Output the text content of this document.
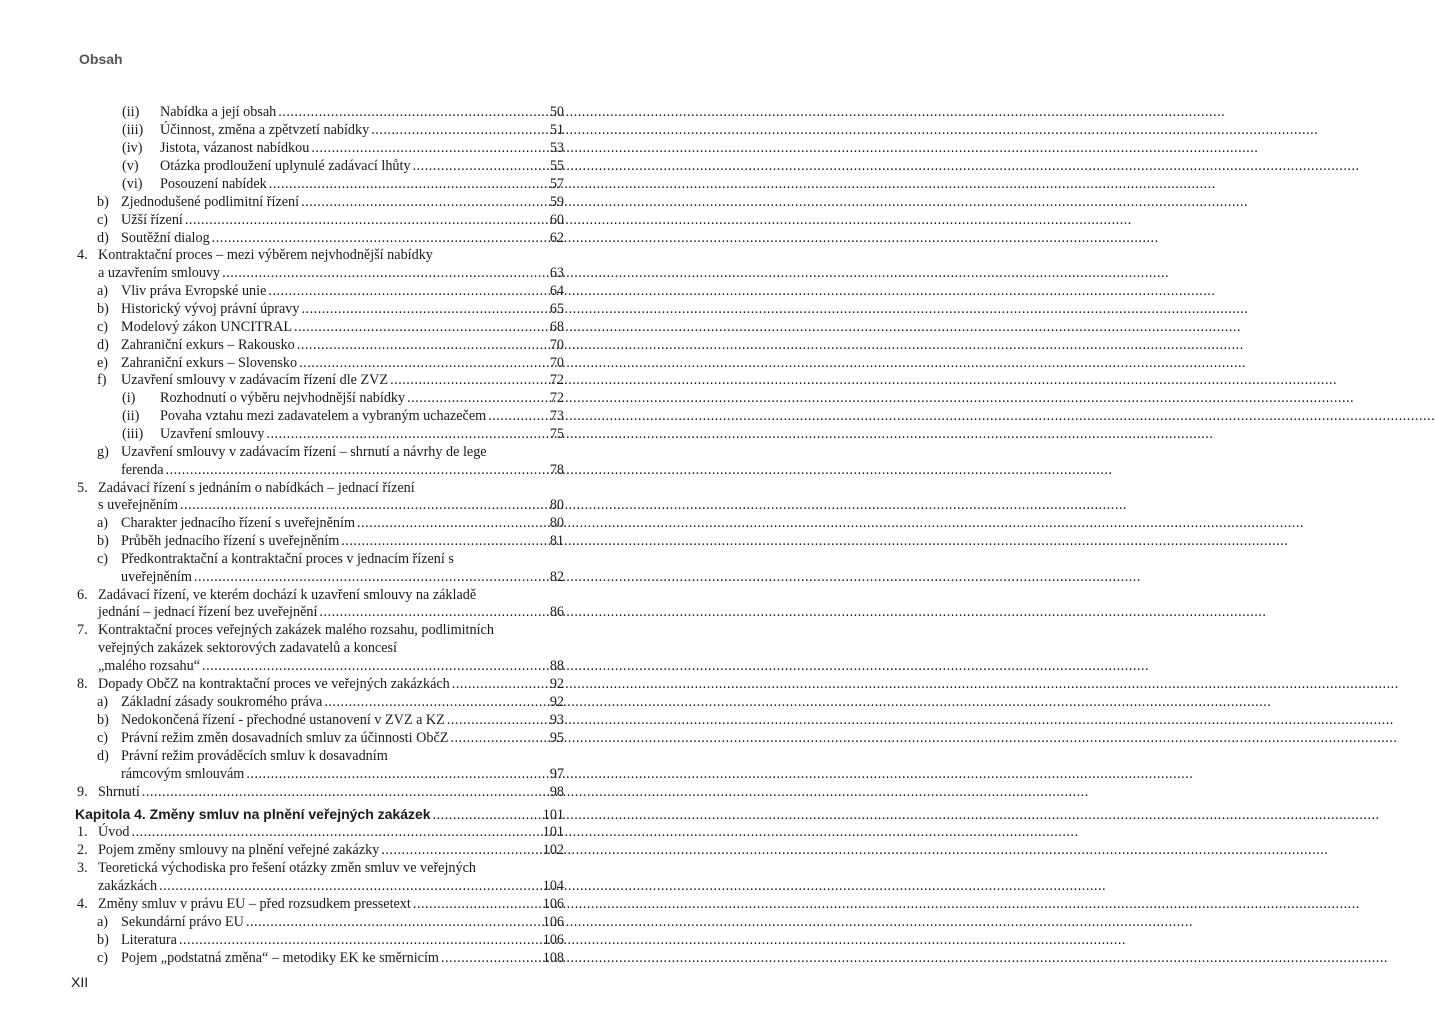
Obsah
(ii) Nabídka a její obsah .....	50
(iii) Účinnost, změna a zpětvzetí nabídky .....	51
(iv) Jistota, vázanost nabídkou .....	53
(v) Otázka prodloužení uplynulé zadávací lhůty .....	55
(vi) Posouzení nabídek .....	57
b) Zjednodušené podlimitní řízení .....	59
c) Užší řízení .....	60
d) Soutěžní dialog .....	62
4. Kontraktační proces – mezi výběrem nejvhodnější nabídky
a uzavřením smlouvy .....	63
a) Vliv práva Evropské unie .....	64
b) Historický vývoj právní úpravy .....	65
c) Modelový zákon UNCITRAL .....	68
d) Zahraniční exkurs – Rakousko .....	70
e) Zahraniční exkurs – Slovensko .....	70
f) Uzavření smlouvy v zadávacím řízení dle ZVZ .....	72
(i) Rozhodnutí o výběru nejvhodnější nabídky .....	72
(ii) Povaha vztahu mezi zadavatelem a vybraným uchazečem .....	73
(iii) Uzavření smlouvy .....	75
g) Uzavření smlouvy v zadávacím řízení – shrnutí a návrhy de lege
ferenda .....	78
5. Zadávací řízení s jednáním o nabídkách – jednací řízení
s uveřejněním .....	80
a) Charakter jednacího řízení s uveřejněním .....	80
b) Průběh jednacího řízení s uveřejněním .....	81
c) Předkontraktační a kontraktační proces v jednacím řízení s
uveřejněním .....	82
6. Zadávací řízení, ve kterém dochází k uzavření smlouvy na základě
jednání – jednací řízení bez uveřejnění .....	86
7. Kontraktační proces veřejných zakázek malého rozsahu, podlimitních
veřejných zakázek sektorových zadavatelů a koncesí
„malého rozsahu“ .....	88
8. Dopady ObčZ na kontraktační proces ve veřejných zakázkách .....	92
a) Základní zásady soukromého práva .....	92
b) Nedokončená řízení - přechodné ustanovení v ZVZ a KZ .....	93
c) Právní režim změn dosavadních smluv za účinnosti ObčZ .....	95
d) Právní režim prováděcích smluv k dosavadním
rámcovým smlouvám .....	97
9. Shrnutí .....	98
Kapitola 4. Změny smluv na plnění veřejných zakázek .....	101
1. Úvod .....	101
2. Pojem změny smlouvy na plnění veřejné zakázky .....	102
3. Teoretická východiska pro řešení otázky změn smluv ve veřejných
zakázkách .....	104
4. Změny smluv v právu EU – před rozsudkem pressetext .....	106
a) Sekundární právo EU .....	106
b) Literatura .....	106
c) Pojem „podstatná změna“ – metodiky EK ke směrnicím .....	108
XII
